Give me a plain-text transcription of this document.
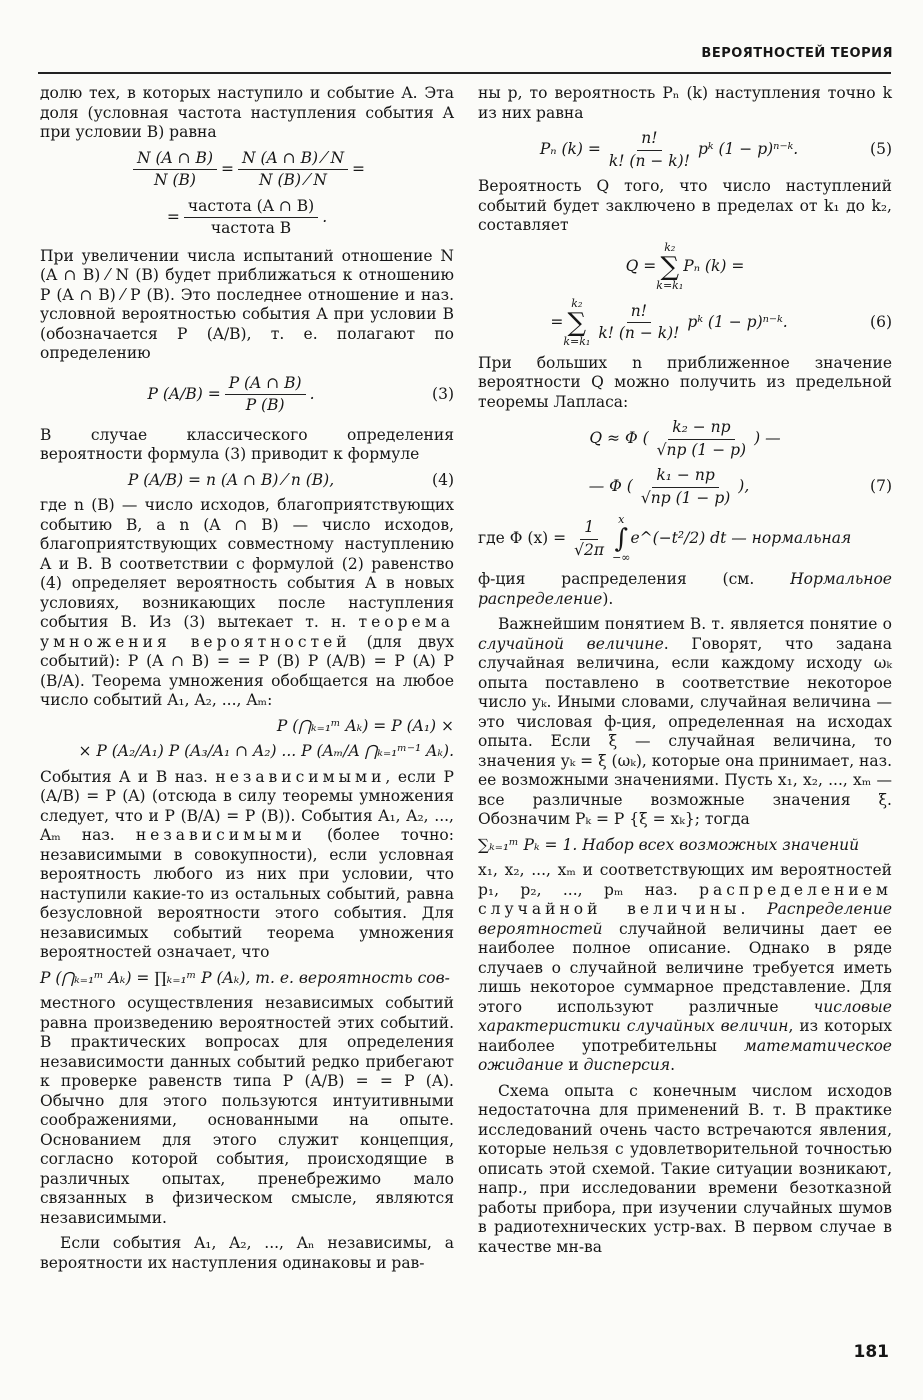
ВЕРОЯТНОСТЕЙ ТЕОРИЯ

долю тех, в которых наступило и событие A. Эта доля (условная частота наступления события A при условии B) равна

$\frac{N (A \cap B)}{N (B)} = \frac{N (A \cap B) ⁄ N}{N (B) ⁄ N}$ =
= $\frac{\text{частота (A ∩ B)}}{\text{частота B}}$ .

При увеличении числа испытаний отношение N (A ∩ B) ⁄ N (B) будет приближаться к отношению P (A ∩ B) ⁄ P (B). Это последнее отношение и наз. условной вероятностью события A при условии B (обозначается P (A/B), т. е. полагают по определению

P $(A/B) = \frac{P (A \cap B)}{P (B)}$ .	(3)

В случае классического определения вероятности формула (3) приводит к формуле

P (A/B) = n (A ∩ B) ⁄ n (B),	(4)

где n (B) — число исходов, благоприятствующих событию B, а n (A ∩ B) — число исходов, благоприятствующих совместному наступлению A и B. В соответствии с формулой (2) равенство (4) определяет вероятность события A в новых условиях, возникающих после наступления события B. Из (3) вытекает т. н. теорема умножения вероятностей (для двух событий): P (A ∩ B) = = P (B) P (A/B) = P (A) P (B/A). Теорема умножения обобщается на любое число событий A₁, A₂, ..., Aₘ:

P (⋂ₖ₌₁ᵐ Aₖ) = P (A₁) ×
× P (A₂/A₁) P (A₃/A₁ ∩ A₂) ... P (Aₘ/A ⋂ₖ₌₁ᵐ⁻¹ Aₖ).

События A и B наз. независимыми, если P (A/B) = P (A) (отсюда в силу теоремы умножения следует, что и P (B/A) = P (B)). События A₁, A₂, ..., Aₘ наз. независимыми (более точно: независимыми в совокупности), если условная вероятность любого из них при условии, что наступили какие-то из остальных событий, равна безусловной вероятности этого события. Для независимых событий теорема умножения вероятностей означает, что

P (⋂ₖ₌₁ᵐ Aₖ) = ∏ₖ₌₁ᵐ P (Aₖ), т. е. вероятность сов-

местного осуществления независимых событий равна произведению вероятностей этих событий. В практических вопросах для определения независимости данных событий редко прибегают к проверке равенств типа P (A/B) = = P (A). Обычно для этого пользуются интуитивными соображениями, основанными на опыте. Основанием для этого служит концепция, согласно которой события, происходящие в различных опытах, пренебрежимо мало связанных в физическом смысле, являются независимыми.

Если события A₁, A₂, ..., Aₙ независимы, а вероятности их наступления одинаковы и рав-

ны p, то вероятность Pₙ (k) наступления точно k из них равна

Pₙ $(k) = \frac{n!}{k! (n - k)!}$ pᵏ (1 − p)ⁿ⁻ᵏ.	(5)

Вероятность Q того, что число наступлений событий будет заключено в пределах от k₁ до k₂, составляет

Q =
k₂
∑
k=k₁
Pₙ (k) =
=
k₂
∑
$k=k_1 \frac{n!}{k! (n - k)!}$ pᵏ (1 − p)ⁿ⁻ᵏ.	(6)

При больших n приближенное значение вероятности Q можно получить из предельной теоремы Лапласа:

Q ≈ Φ ( $\frac{\text{k₂ − np}}{√np (1 - p)}$ ) —
— Φ ( $\frac{\text{k₁ − np}}{√np (1 - p)}$ ),	(7)
где Φ $(x) = \frac{1}{√2\pi}$ x
∫
−∞
e^(−t²/2) dt — нормальная

ф-ция распределения (см. Нормальное распределение).

Важнейшим понятием В. т. является понятие о случайной величине. Говорят, что задана случайная величина, если каждому исходу ωₖ опыта поставлено в соответствие некоторое число yₖ. Иными словами, случайная величина — это числовая ф-ция, определенная на исходах опыта. Если ξ — случайная величина, то значения yₖ = ξ (ωₖ), которые она принимает, наз. ее возможными значениями. Пусть x₁, x₂, ..., xₘ — все различные возможные значения ξ. Обозначим Pₖ = P {ξ = xₖ}; тогда

∑ₖ₌₁ᵐ Pₖ = 1. Набор всех возможных значений

x₁, x₂, ..., xₘ и соответствующих им вероятностей p₁, p₂, ..., pₘ наз. распределением случайной величины. Распределение вероятностей случайной величины дает ее наиболее полное описание. Однако в ряде случаев о случайной величине требуется иметь лишь некоторое суммарное представление. Для этого используют различные числовые характеристики случайных величин, из которых наиболее употребительны математическое ожидание и дисперсия.

Схема опыта с конечным числом исходов недостаточна для применений В. т. В практике исследований очень часто встречаются явления, которые нельзя с удовлетворительной точностью описать этой схемой. Такие ситуации возникают, напр., при исследовании времени безотказной работы прибора, при изучении случайных шумов в радиотехнических устр-вах. В первом случае в качестве мн-ва

181
